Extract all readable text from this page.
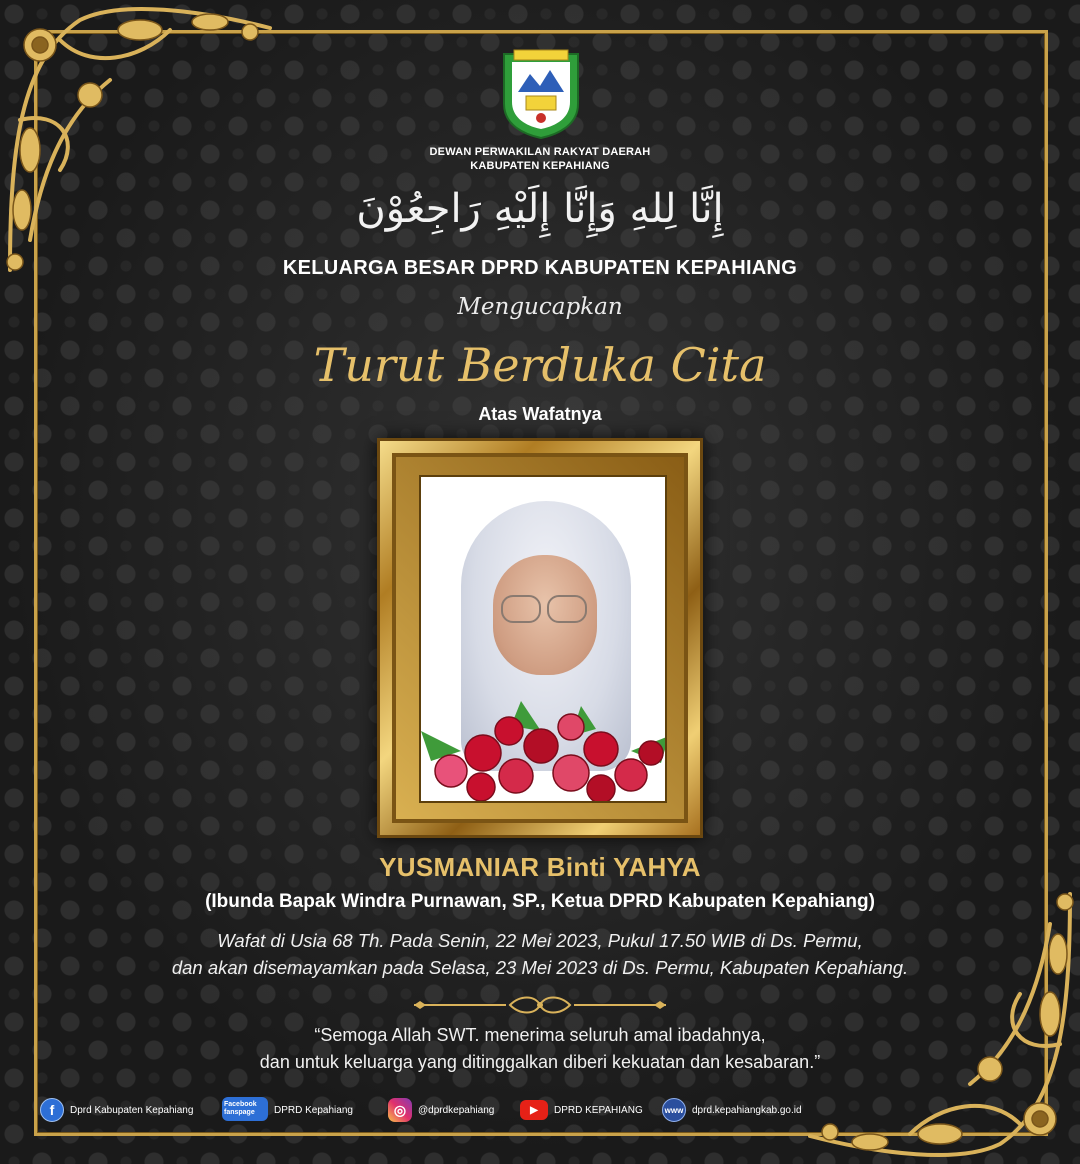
DEWAN PERWAKILAN RAKYAT DAERAH
KABUPATEN KEPAHIANG
إِنَّا لِلهِ وَإِنَّا إِلَيْهِ رَاجِعُوْنَ
KELUARGA BESAR DPRD KABUPATEN KEPAHIANG
Mengucapkan
Turut Berduka Cita
Atas Wafatnya
YUSMANIAR Binti YAHYA
(Ibunda Bapak Windra Purnawan, SP., Ketua DPRD Kabupaten Kepahiang)
Wafat di Usia 68 Th. Pada Senin, 22 Mei 2023, Pukul 17.50 WIB di Ds. Permu,
dan akan disemayamkan pada Selasa, 23 Mei 2023 di Ds. Permu, Kabupaten Kepahiang.
“Semoga Allah SWT. menerima seluruh amal ibadahnya,
dan untuk keluarga yang ditinggalkan diberi kekuatan dan kesabaran.”
f	Dprd Kabupaten Kepahiang	Facebook fanspage	DPRD Kepahiang	◎	@dprdkepahiang	▶	DPRD KEPAHIANG	www dprd.kepahiangkab.go.id
